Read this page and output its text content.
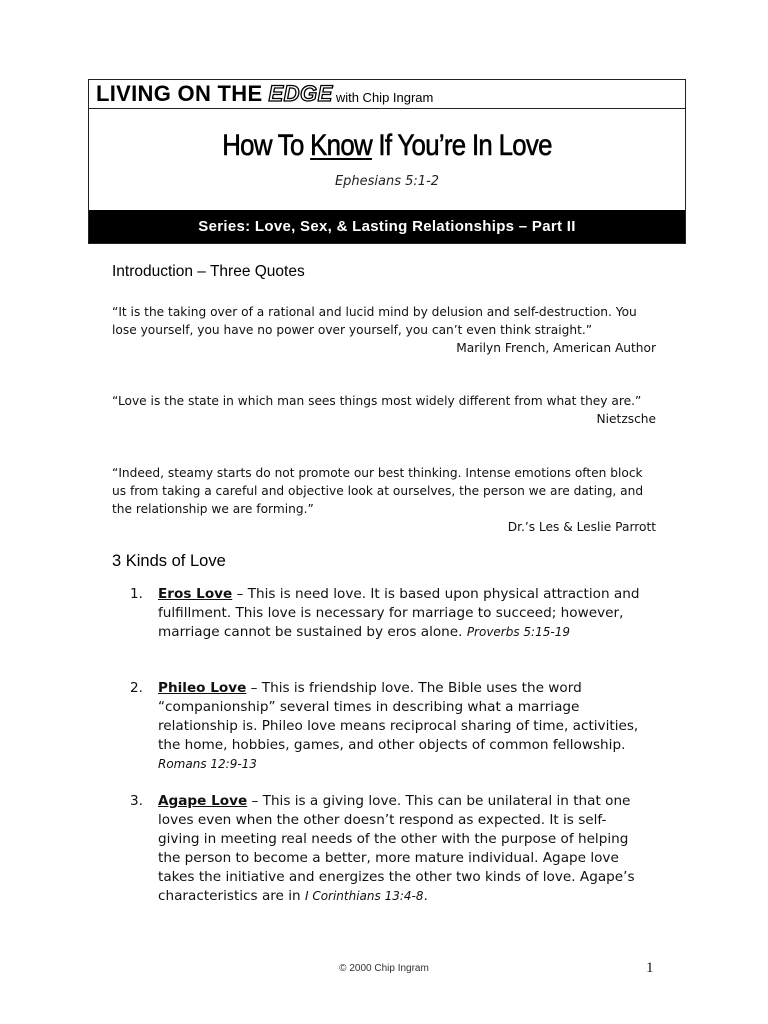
LIVING ON THE EDGE with Chip Ingram
How To Know If You’re In Love
Ephesians 5:1-2
Series: Love, Sex, & Lasting Relationships – Part II
Introduction – Three Quotes
“It is the taking over of a rational and lucid mind by delusion and self-destruction. You lose yourself, you have no power over yourself, you can’t even think straight.”
Marilyn French, American Author
“Love is the state in which man sees things most widely different from what they are.”
Nietzsche
“Indeed, steamy starts do not promote our best thinking. Intense emotions often block us from taking a careful and objective look at ourselves, the person we are dating, and the relationship we are forming.”
Dr.’s Les & Leslie Parrott
3 Kinds of Love
1.	Eros Love – This is need love. It is based upon physical attraction and fulfillment. This love is necessary for marriage to succeed; however, marriage cannot be sustained by eros alone. Proverbs 5:15-19
2.	Phileo Love – This is friendship love. The Bible uses the word “companionship” several times in describing what a marriage relationship is. Phileo love means reciprocal sharing of time, activities, the home, hobbies, games, and other objects of common fellowship. Romans 12:9-13
3.	Agape Love – This is a giving love. This can be unilateral in that one loves even when the other doesn’t respond as expected. It is self-giving in meeting real needs of the other with the purpose of helping the person to become a better, more mature individual. Agape love takes the initiative and energizes the other two kinds of love. Agape’s characteristics are in I Corinthians 13:4-8.
© 2000 Chip Ingram	1
